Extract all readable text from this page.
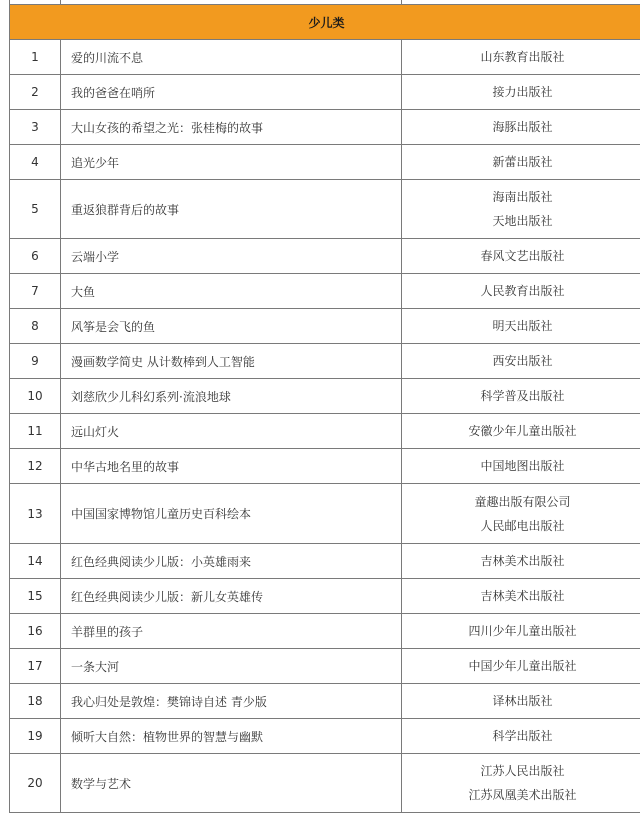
少儿类		
1	爱的川流不息	山东教育出版社

2	我的爸爸在哨所	接力出版社

3	大山女孩的希望之光：张桂梅的故事	海豚出版社

4	追光少年	新蕾出版社

5	重返狼群背后的故事	海南出版社
天地出版社

6	云端小学	春风文艺出版社

7	大鱼	人民教育出版社

8	风筝是会飞的鱼	明天出版社

9	漫画数学简史 从计数棒到人工智能	西安出版社

10	刘慈欣少儿科幻系列·流浪地球	科学普及出版社

11	远山灯火	安徽少年儿童出版社

12	中华古地名里的故事	中国地图出版社

13	中国国家博物馆儿童历史百科绘本	童趣出版有限公司
人民邮电出版社

14	红色经典阅读少儿版：小英雄雨来	吉林美术出版社

15	红色经典阅读少儿版：新儿女英雄传	吉林美术出版社

16	羊群里的孩子	四川少年儿童出版社

17	一条大河	中国少年儿童出版社

18	我心归处是敦煌：樊锦诗自述 青少版	译林出版社

19	倾听大自然：植物世界的智慧与幽默	科学出版社

20	数学与艺术	江苏人民出版社
江苏凤凰美术出版社
